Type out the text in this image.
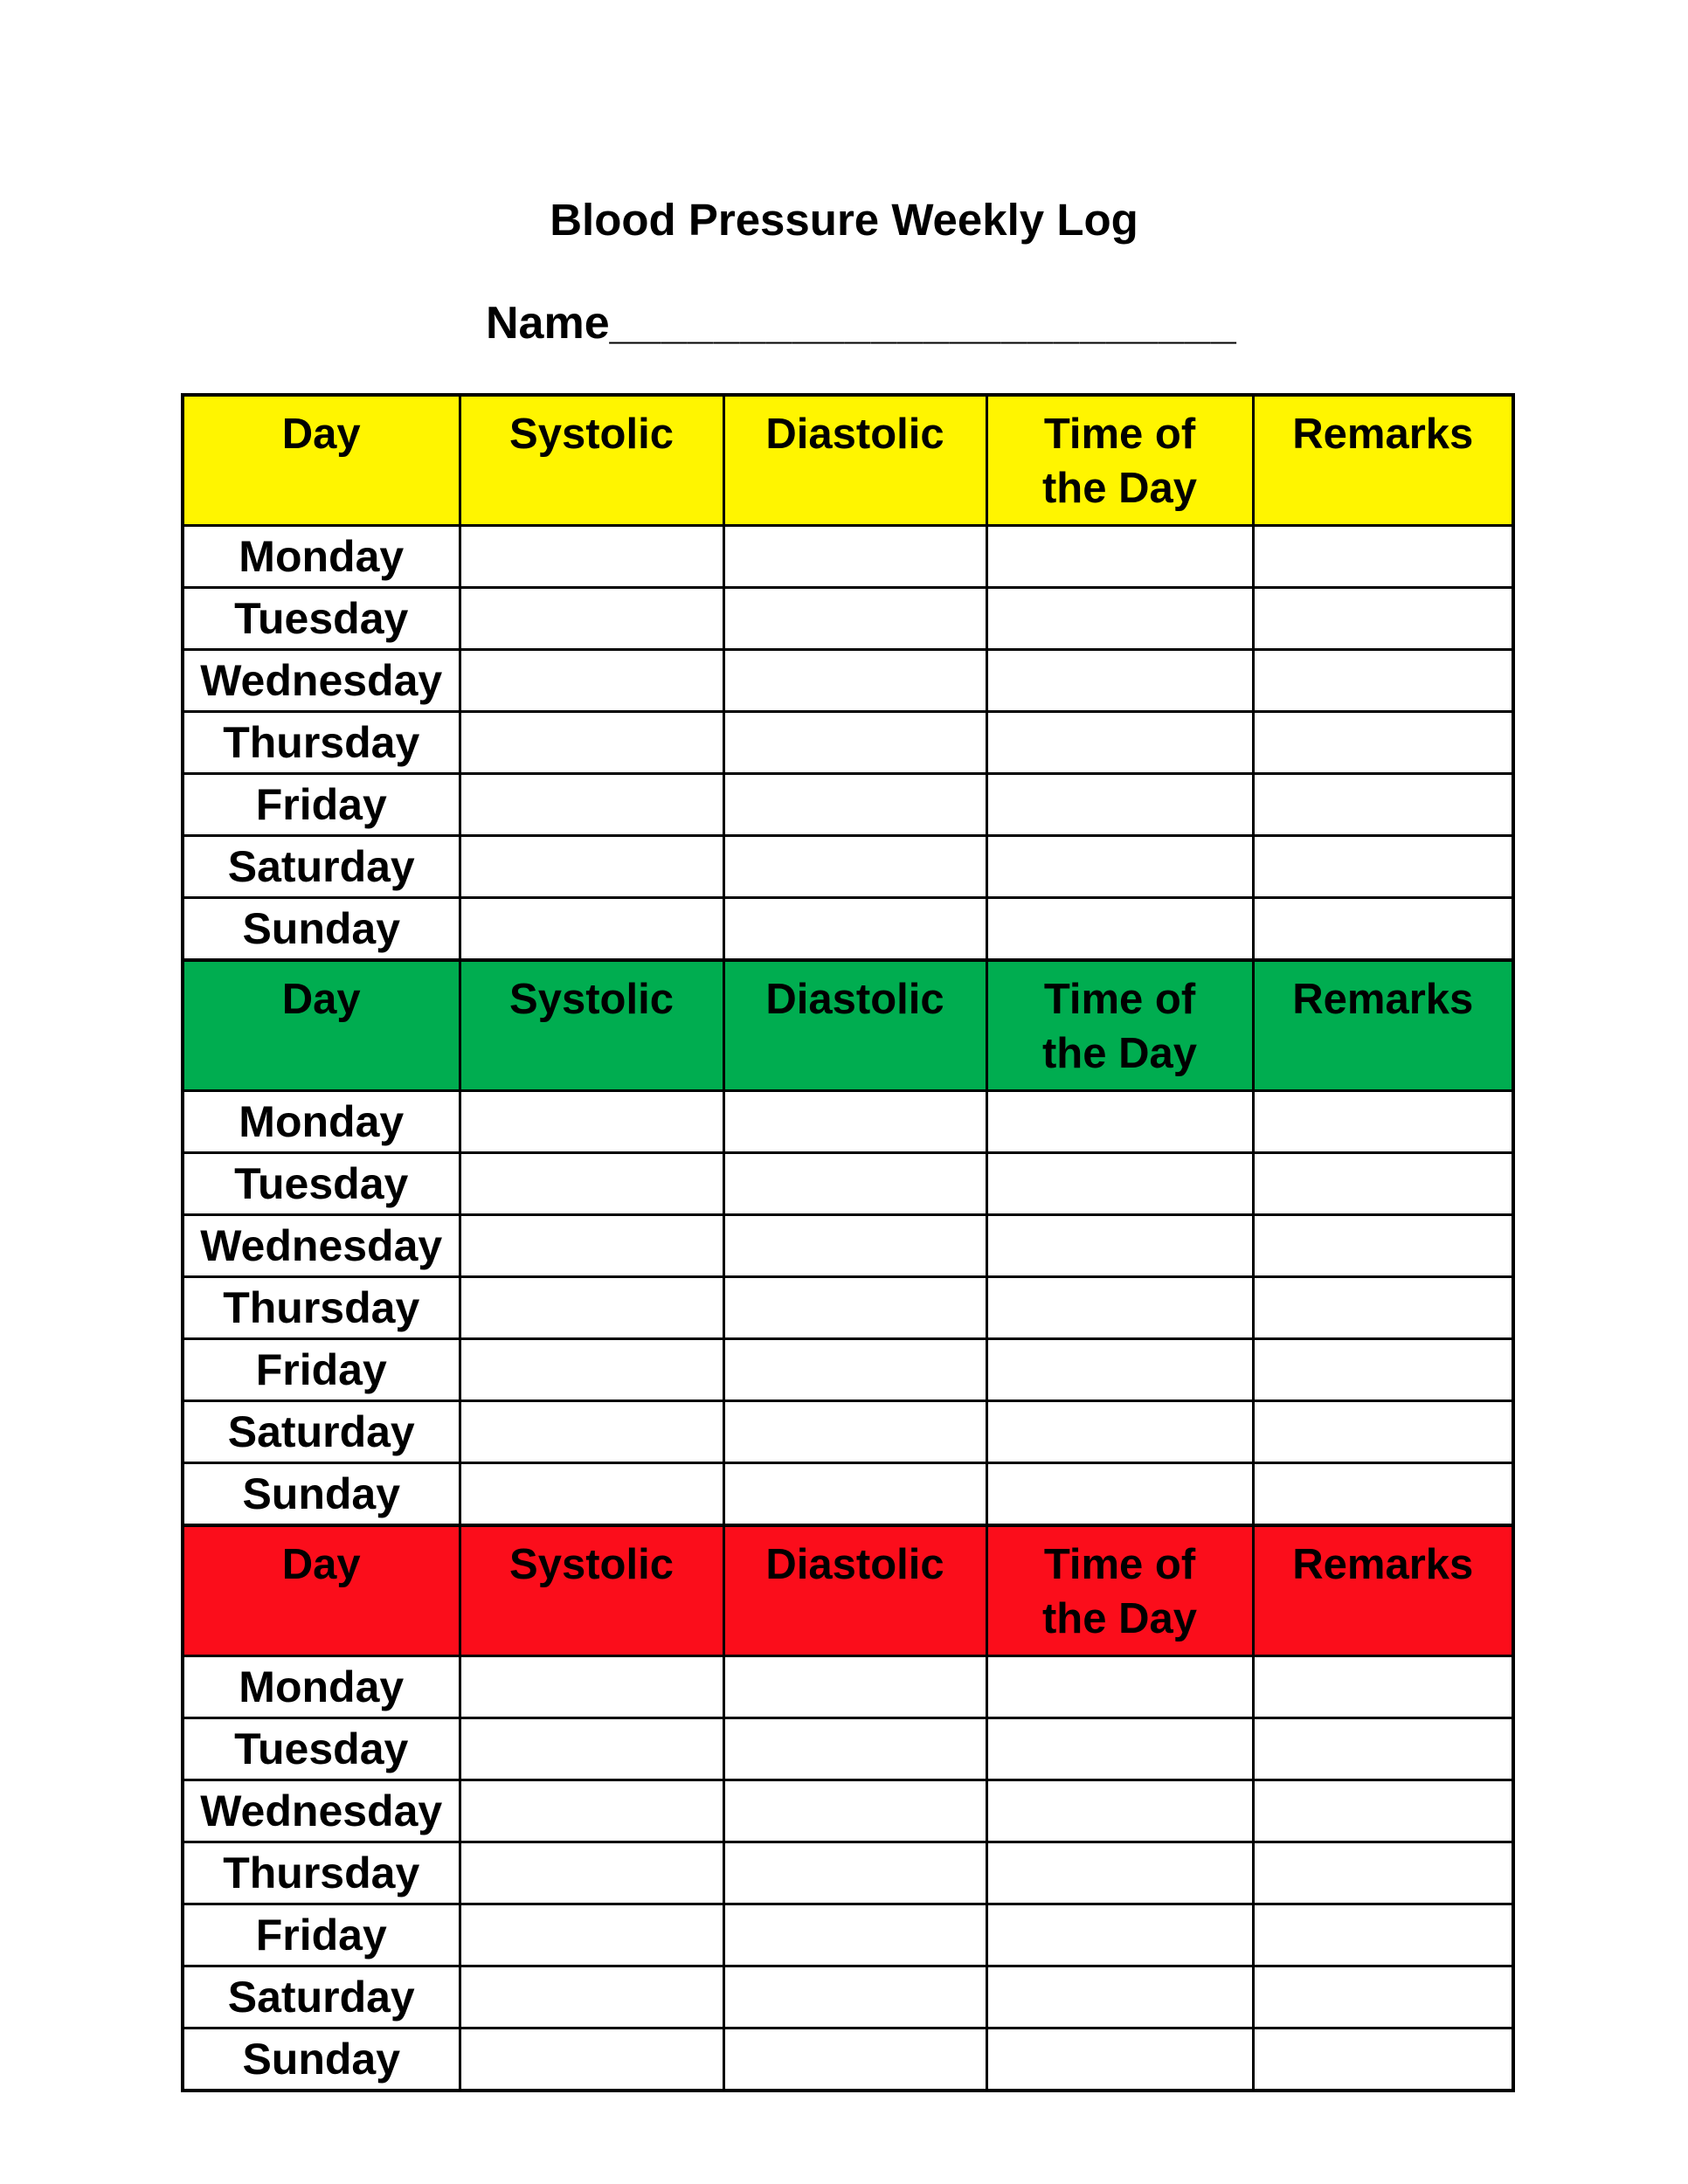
Blood Pressure Weekly Log
Name________________________
Day	Systolic	Diastolic	Time of the Day	Remarks
Monday				
Tuesday				
Wednesday				
Thursday				
Friday				
Saturday				
Sunday				
Day	Systolic	Diastolic	Time of the Day	Remarks
Monday				
Tuesday				
Wednesday				
Thursday				
Friday				
Saturday				
Sunday				
Day	Systolic	Diastolic	Time of the Day	Remarks
Monday				
Tuesday				
Wednesday				
Thursday				
Friday				
Saturday				
Sunday				
